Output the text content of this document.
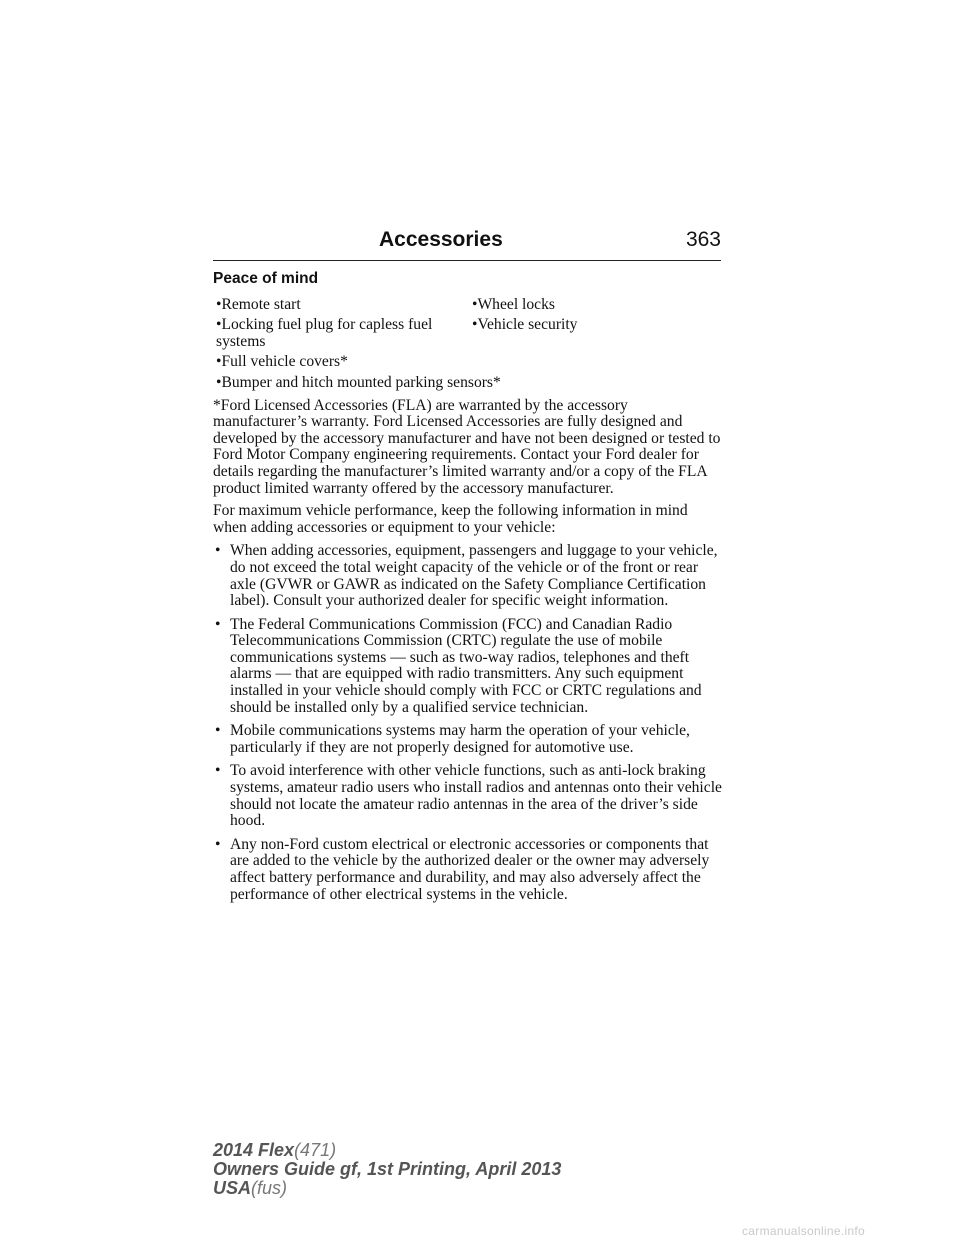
Accessories	363
Peace of mind
•Remote start	•Wheel locks
•Locking fuel plug for capless fuel systems
•Vehicle security
•Full vehicle covers*
•Bumper and hitch mounted parking sensors*

*Ford Licensed Accessories (FLA) are warranted by the accessory manufacturer’s warranty. Ford Licensed Accessories are fully designed and developed by the accessory manufacturer and have not been designed or tested to Ford Motor Company engineering requirements. Contact your Ford dealer for details regarding the manufacturer’s limited warranty and/or a copy of the FLA product limited warranty offered by the accessory manufacturer.

For maximum vehicle performance, keep the following information in mind when adding accessories or equipment to your vehicle:

• When adding accessories, equipment, passengers and luggage to your vehicle, do not exceed the total weight capacity of the vehicle or of the front or rear axle (GVWR or GAWR as indicated on the Safety Compliance Certification label). Consult your authorized dealer for specific weight information.
• The Federal Communications Commission (FCC) and Canadian Radio Telecommunications Commission (CRTC) regulate the use of mobile communications systems — such as two-way radios, telephones and theft alarms — that are equipped with radio transmitters. Any such equipment installed in your vehicle should comply with FCC or CRTC regulations and should be installed only by a qualified service technician.
• Mobile communications systems may harm the operation of your vehicle, particularly if they are not properly designed for automotive use.
• To avoid interference with other vehicle functions, such as anti-lock braking systems, amateur radio users who install radios and antennas onto their vehicle should not locate the amateur radio antennas in the area of the driver’s side hood.
• Any non-Ford custom electrical or electronic accessories or components that are added to the vehicle by the authorized dealer or the owner may adversely affect battery performance and durability, and may also adversely affect the performance of other electrical systems in the vehicle.
2014 Flex(471)
Owners Guide gf, 1st Printing, April 2013
USA(fus)
carmanualsonline.info
